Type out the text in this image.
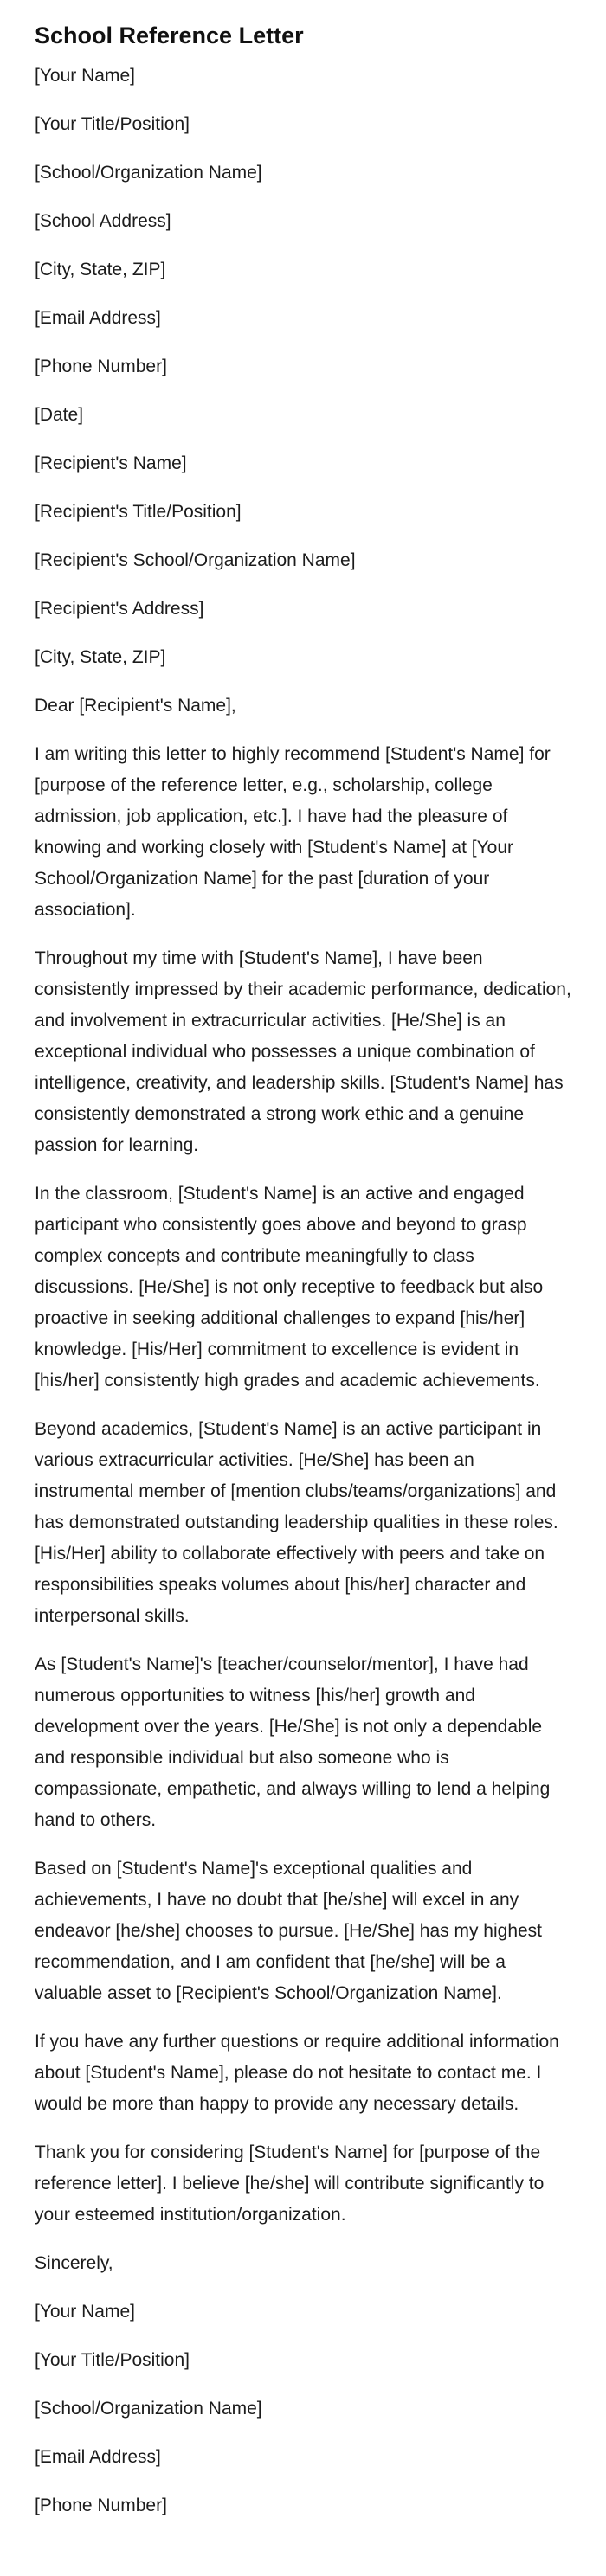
School Reference Letter
[Your Name]
[Your Title/Position]
[School/Organization Name]
[School Address]
[City, State, ZIP]
[Email Address]
[Phone Number]
[Date]
[Recipient's Name]
[Recipient's Title/Position]
[Recipient's School/Organization Name]
[Recipient's Address]
[City, State, ZIP]
Dear [Recipient's Name],

I am writing this letter to highly recommend [Student's Name] for [purpose of the reference letter, e.g., scholarship, college admission, job application, etc.]. I have had the pleasure of knowing and working closely with [Student's Name] at [Your School/Organization Name] for the past [duration of your association].

Throughout my time with [Student's Name], I have been consistently impressed by their academic performance, dedication, and involvement in extracurricular activities. [He/She] is an exceptional individual who possesses a unique combination of intelligence, creativity, and leadership skills. [Student's Name] has consistently demonstrated a strong work ethic and a genuine passion for learning.

In the classroom, [Student's Name] is an active and engaged participant who consistently goes above and beyond to grasp complex concepts and contribute meaningfully to class discussions. [He/She] is not only receptive to feedback but also proactive in seeking additional challenges to expand [his/her] knowledge. [His/Her] commitment to excellence is evident in [his/her] consistently high grades and academic achievements.

Beyond academics, [Student's Name] is an active participant in various extracurricular activities. [He/She] has been an instrumental member of [mention clubs/teams/organizations] and has demonstrated outstanding leadership qualities in these roles. [His/Her] ability to collaborate effectively with peers and take on responsibilities speaks volumes about [his/her] character and interpersonal skills.

As [Student's Name]'s [teacher/counselor/mentor], I have had numerous opportunities to witness [his/her] growth and development over the years. [He/She] is not only a dependable and responsible individual but also someone who is compassionate, empathetic, and always willing to lend a helping hand to others.

Based on [Student's Name]'s exceptional qualities and achievements, I have no doubt that [he/she] will excel in any endeavor [he/she] chooses to pursue. [He/She] has my highest recommendation, and I am confident that [he/she] will be a valuable asset to [Recipient's School/Organization Name].

If you have any further questions or require additional information about [Student's Name], please do not hesitate to contact me. I would be more than happy to provide any necessary details.

Thank you for considering [Student's Name] for [purpose of the reference letter]. I believe [he/she] will contribute significantly to your esteemed institution/organization.

Sincerely,
[Your Name]
[Your Title/Position]
[School/Organization Name]
[Email Address]
[Phone Number]
